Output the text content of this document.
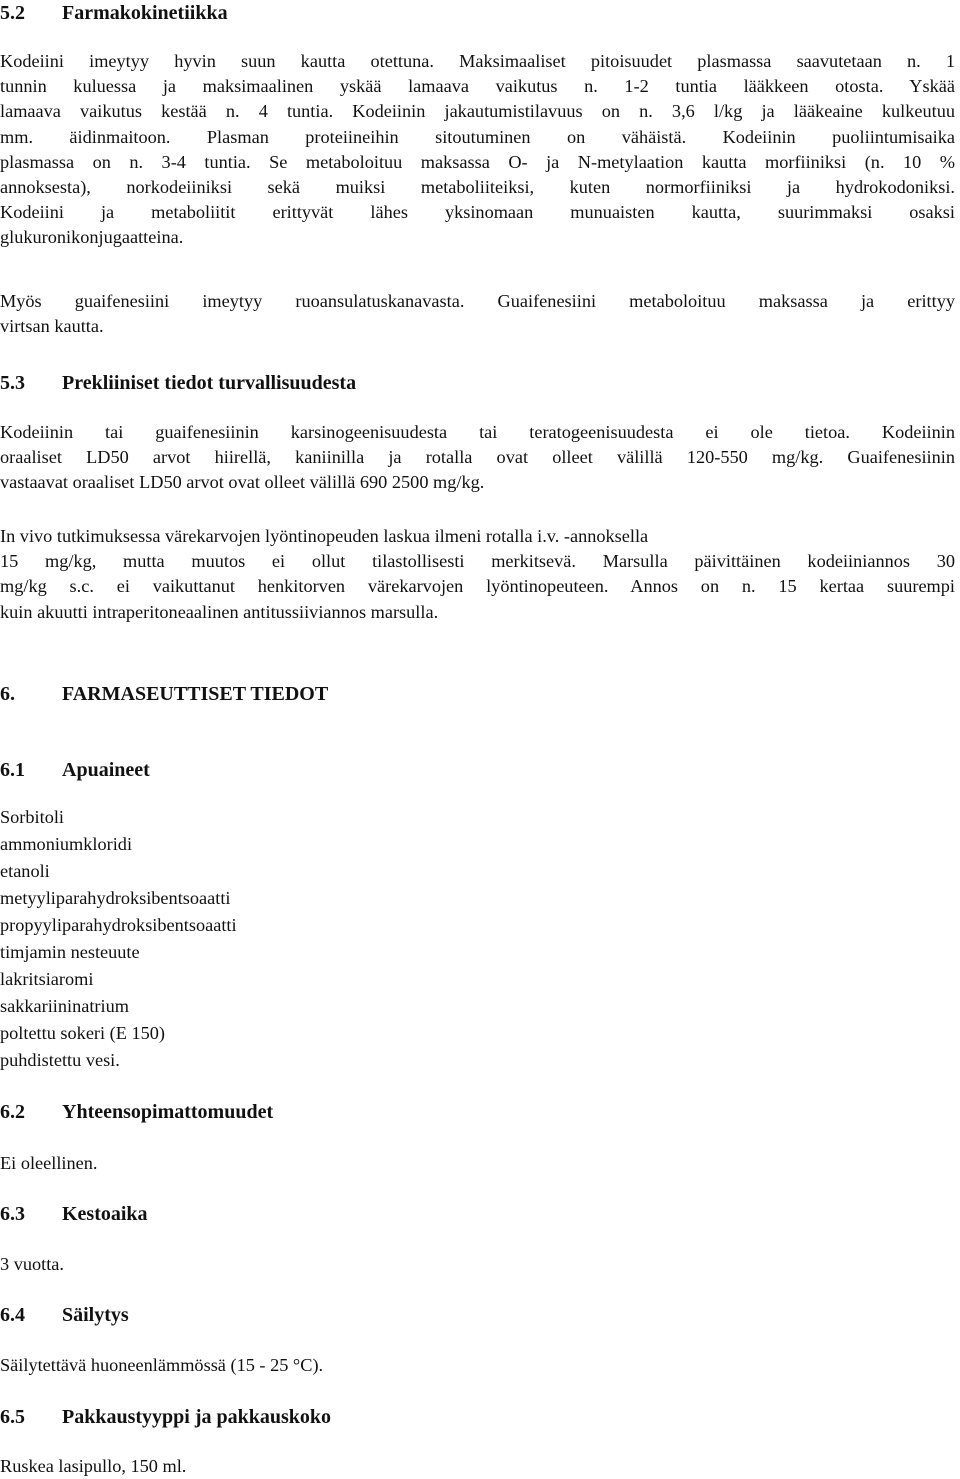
5.2 Farmakokinetiikka
Kodeiini imeytyy hyvin suun kautta otettuna. Maksimaaliset pitoisuudet plasmassa saavutetaan n. 1
tunnin kuluessa ja maksimaalinen yskää lamaava vaikutus n. 1-2 tuntia lääkkeen otosta. Yskää
lamaava vaikutus kestää n. 4 tuntia. Kodeiinin jakautumistilavuus on n. 3,6 l/kg ja lääkeaine kulkeutuu
mm. äidinmaitoon. Plasman proteiineihin sitoutuminen on vähäistä. Kodeiinin puoliintumisaika
plasmassa on n. 3-4 tuntia. Se metaboloituu maksassa O- ja N-metylaation kautta morfiiniksi (n. 10 %
annoksesta), norkodeiiniksi sekä muiksi metaboliiteiksi, kuten normorfiiniksi ja hydrokodoniksi.
Kodeiini ja metaboliitit erittyvät lähes yksinomaan munuaisten kautta, suurimmaksi osaksi
glukuronikonjugaatteina.
Myös guaifenesiini imeytyy ruoansulatuskanavasta. Guaifenesiini metaboloituu maksassa ja erittyy
virtsan kautta.
5.3 Prekliiniset tiedot turvallisuudesta
Kodeiinin tai guaifenesiinin karsinogeenisuudesta tai teratogeenisuudesta ei ole tietoa. Kodeiinin
oraaliset LD50 arvot hiirellä, kaniinilla ja rotalla ovat olleet välillä 120-550 mg/kg. Guaifenesiinin
vastaavat oraaliset LD50 arvot ovat olleet välillä 690 2500 mg/kg.
In vivo tutkimuksessa värekarvojen lyöntinopeuden laskua ilmeni rotalla i.v. -annoksella
15 mg/kg, mutta muutos ei ollut tilastollisesti merkitsevä. Marsulla päivittäinen kodeiiniannos 30
mg/kg s.c. ei vaikuttanut henkitorven värekarvojen lyöntinopeuteen. Annos on n. 15 kertaa suurempi
kuin akuutti intraperitoneaalinen antitussiiviannos marsulla.
6. FARMASEUTTISET TIEDOT
6.1 Apuaineet
Sorbitoli
ammoniumkloridi
etanoli
metyyliparahydroksibentsoaatti
propyyliparahydroksibentsoaatti
timjamin nesteuute
lakritsiaromi
sakkariininatrium
poltettu sokeri (E 150)
puhdistettu vesi.
6.2 Yhteensopimattomuudet
Ei oleellinen.
6.3 Kestoaika
3 vuotta.
6.4 Säilytys
Säilytettävä huoneenlämmössä (15 - 25 °C).
6.5 Pakkaustyyppi ja pakkauskoko
Ruskea lasipullo, 150 ml.
